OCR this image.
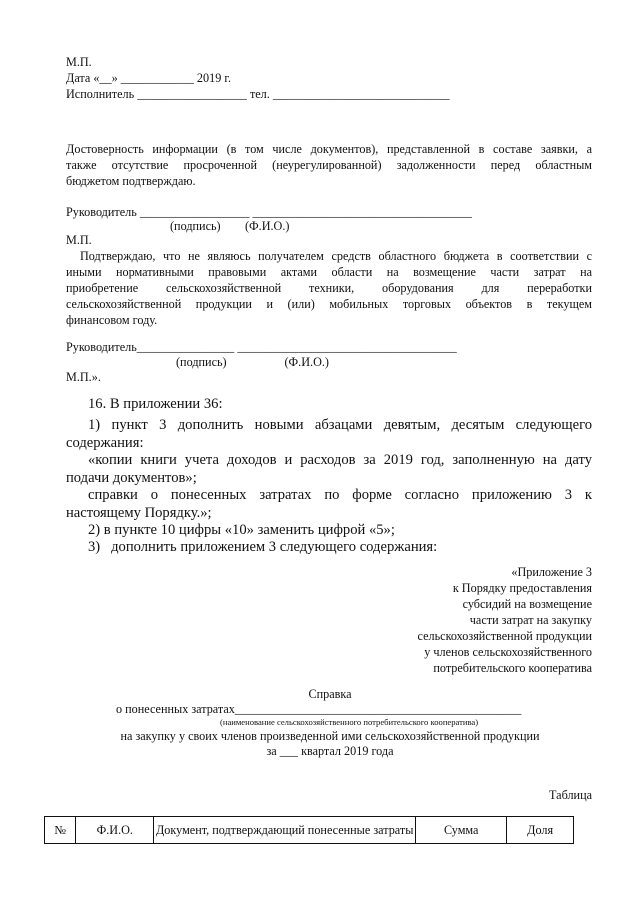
М.П.
Дата «__» ____________ 2019 г.
Исполнитель __________________ тел. _____________________________
Достоверность информации (в том числе документов), представленной в составе заявки, а
также отсутствие просроченной (неурегулированной) задолженности перед областным
бюджетом подтверждаю.
Руководитель __________________ ____________________________________
(подпись)        (Ф.И.О.)
М.П.
Подтверждаю, что не являюсь получателем средств областного бюджета в соответствии с
иными нормативными правовыми актами области на возмещение части затрат на
приобретение сельскохозяйственной техники, оборудования для переработки
сельскохозяйственной продукции и (или) мобильных торговых объектов в текущем
финансовом году.
Руководитель________________ ____________________________________
(подпись)                   (Ф.И.О.)
М.П.».
16. В приложении 36:
1) пункт 3 дополнить новыми абзацами девятым, десятым следующего
содержания:
«копии книги учета доходов и расходов за 2019 год, заполненную на дату
подачи документов»;
справки о понесенных затратах по форме согласно приложению 3 к
настоящему Порядку.»;
2) в пункте 10 цифры «10» заменить цифрой «5»;
3)   дополнить приложением 3 следующего содержания:
«Приложение 3
к Порядку предоставления
субсидий на возмещение
части затрат на закупку
сельскохозяйственной продукции
у членов сельскохозяйственного
потребительского кооператива
Справка
о понесенных затратах_______________________________________________
(наименование сельскохозяйственного потребительского кооператива)
на закупку у своих членов произведенной ими сельскохозяйственной продукции
за ___ квартал 2019 года
Таблица
№	Ф.И.О.	Документ, подтверждающий понесенные затраты	Сумма	Доля
